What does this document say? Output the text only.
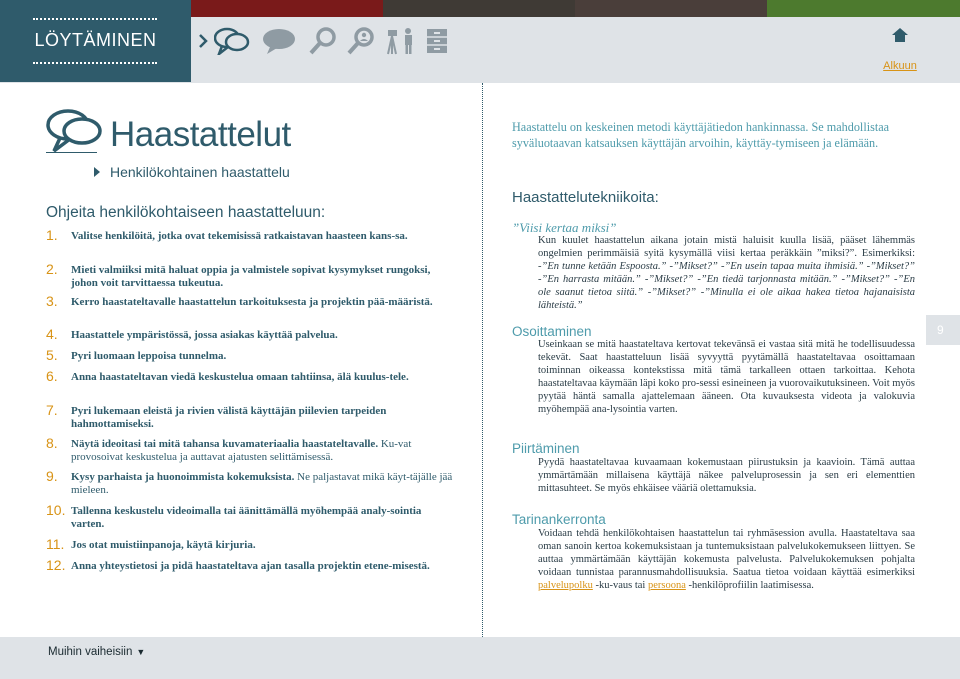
LÖYTÄMINEN
Alkuun
Haastattelut
Henkilökohtainen haastattelu
Ohjeita henkilökohtaiseen haastatteluun:
1. Valitse henkilöitä, jotka ovat tekemisissä ratkaistavan haasteen kans-sa.
2. Mieti valmiiksi mitä haluat oppia ja valmistele sopivat kysymykset rungoksi, johon voit tarvittaessa tukeutua.
3. Kerro haastateltavalle haastattelun tarkoituksesta ja projektin pää-määristä.
4. Haastattele ympäristössä, jossa asiakas käyttää palvelua.
5. Pyri luomaan leppoisa tunnelma.
6. Anna haastateltavan viedä keskustelua omaan tahtiinsa, älä kuulus-tele.
7. Pyri lukemaan eleistä ja rivien välistä käyttäjän piilevien tarpeiden hahmottamiseksi.
8. Näytä ideoitasi tai mitä tahansa kuvamateriaalia haastateltavalle. Ku-vat provosoivat keskustelua ja auttavat ajatusten selittämisessä.
9. Kysy parhaista ja huonoimmista kokemuksista. Ne paljastavat mikä käyt-täjälle jää mieleen.
10. Tallenna keskustelu videoimalla tai äänittämällä myöhempää analy-sointia varten.
11. Jos otat muistiinpanoja, käytä kirjuria.
12. Anna yhteystietosi ja pidä haastateltava ajan tasalla projektin etene-misestä.
Haastattelu on keskeinen metodi käyttäjätiedon hankinnassa. Se mahdollistaa syväluotaavan katsauksen käyttäjän arvoihin, käyttäy-tymiseen ja elämään.
Haastattelutekniikoita:
”Viisi kertaa miksi”
Kun kuulet haastattelun aikana jotain mistä haluisit kuulla lisää, pääset lähemmäs ongelmien perimmäisiä syitä kysymällä viisi kertaa peräkkäin ”miksi?”. Esimerkiksi: -”En tunne ketään Espoosta.” -”Mikset?” -”En usein tapaa muita ihmisiä.” -”Mikset?” -”En harrasta mitään.” -”Mikset?” -”En tiedä tarjonnasta mitään.” -”Mikset?” -”En ole saanut tietoa siitä.” -”Mikset?” -”Minulla ei ole aikaa hakea tietoa hajanaisista lähteistä.”
Osoittaminen
Useinkaan se mitä haastateltava kertovat tekevänsä ei vastaa sitä mitä he todellisuudessa tekevät. Saat haastatteluun lisää syvyyttä pyytämällä haastateltavaa osoittamaan toiminnan oikeassa kontekstissa mitä tämä tarkalleen ottaen tarkoittaa. Kehota haastateltavaa käymään läpi koko pro-sessi esineineen ja vuorovaikutuksineen. Voit myös pyytää häntä samalla ajattelemaan ääneen. Ota kuvauksesta videota ja valokuvia myöhempää ana-lysointia varten.
Piirtäminen
Pyydä haastateltavaa kuvaamaan kokemustaan piirustuksin ja kaavioin. Tämä auttaa ymmärtämään millaisena käyttäjä näkee palveluprosessin ja sen eri elementtien mittasuhteet. Se myös ehkäisee vääriä olettamuksia.
Tarinankerronta
Voidaan tehdä henkilökohtaisen haastattelun tai ryhmäsession avulla. Haastateltava saa oman sanoin kertoa kokemuksistaan ja tuntemuksistaan palvelukokemukseen liittyen. Se auttaa ymmärtämään käyttäjän kokemusta palvelusta. Palvelukokemuksen pohjalta voidaan tunnistaa parannusmahdollisuuksia. Saatua tietoa voidaan käyttää esimerkiksi palvelupolku -ku-vaus tai persoona -henkilöprofiilin laatimisessa.
9
Muihin vaiheisiin ▼
